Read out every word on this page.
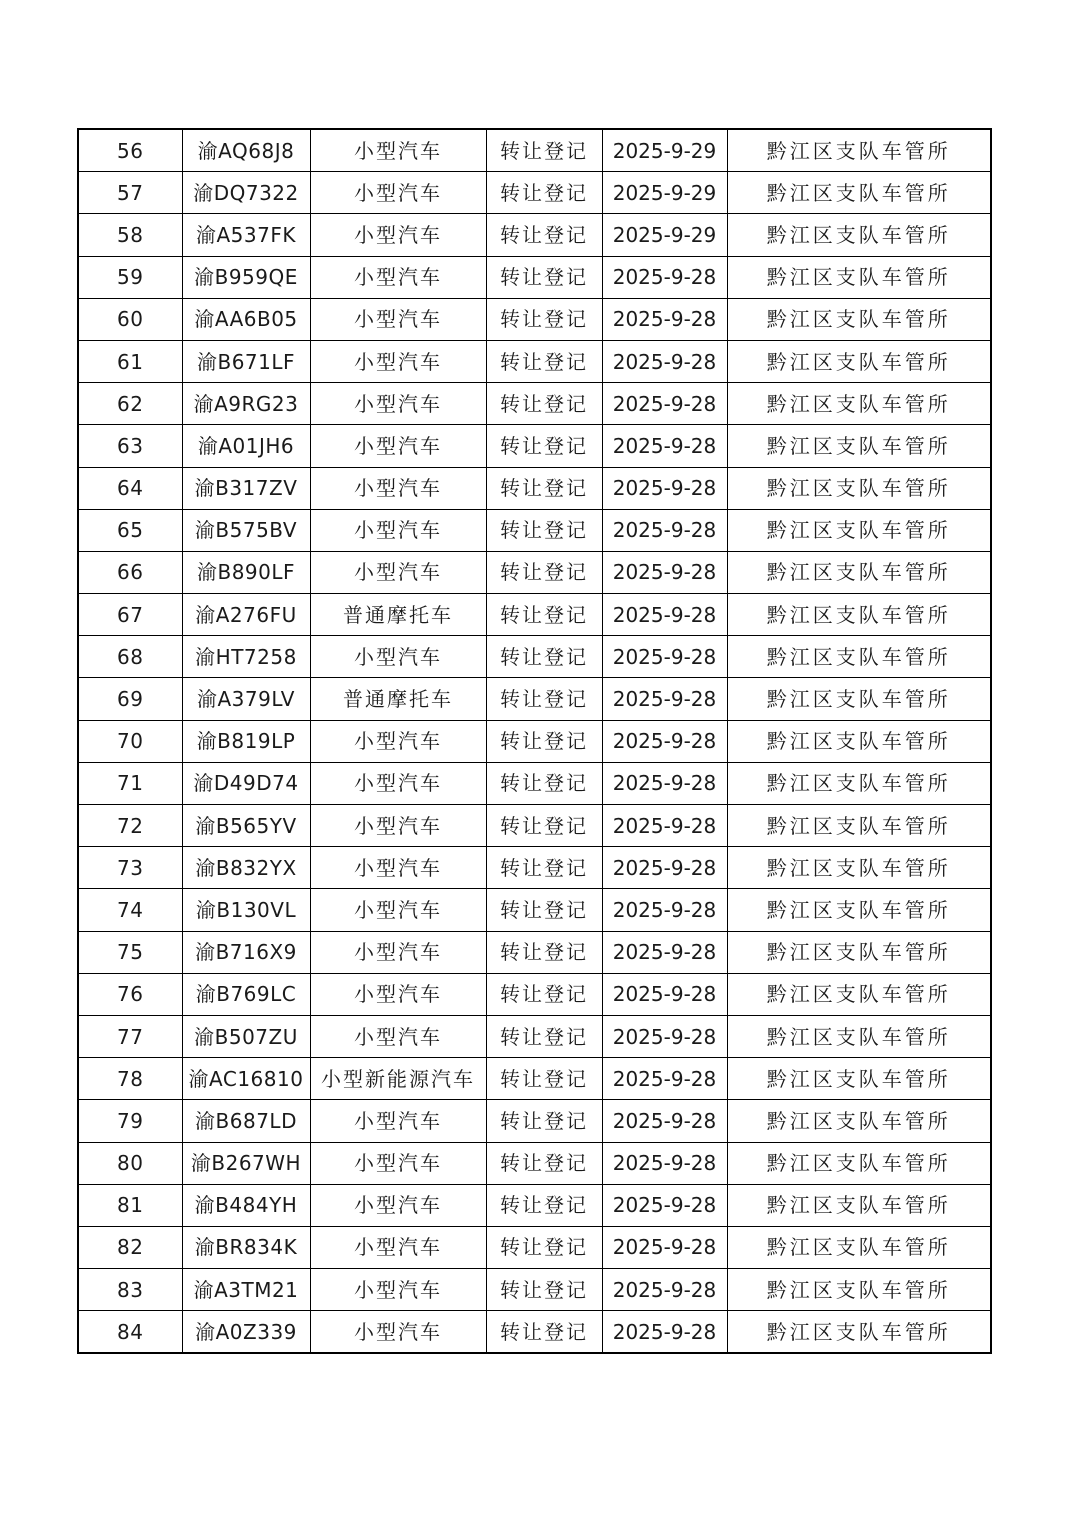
56	渝AQ68J8	小型汽车	转让登记	2025-9-29	黔江区支队车管所
57	渝DQ7322	小型汽车	转让登记	2025-9-29	黔江区支队车管所
58	渝A537FK	小型汽车	转让登记	2025-9-29	黔江区支队车管所
59	渝B959QE	小型汽车	转让登记	2025-9-28	黔江区支队车管所
60	渝AA6B05	小型汽车	转让登记	2025-9-28	黔江区支队车管所
61	渝B671LF	小型汽车	转让登记	2025-9-28	黔江区支队车管所
62	渝A9RG23	小型汽车	转让登记	2025-9-28	黔江区支队车管所
63	渝A01JH6	小型汽车	转让登记	2025-9-28	黔江区支队车管所
64	渝B317ZV	小型汽车	转让登记	2025-9-28	黔江区支队车管所
65	渝B575BV	小型汽车	转让登记	2025-9-28	黔江区支队车管所
66	渝B890LF	小型汽车	转让登记	2025-9-28	黔江区支队车管所
67	渝A276FU	普通摩托车	转让登记	2025-9-28	黔江区支队车管所
68	渝HT7258	小型汽车	转让登记	2025-9-28	黔江区支队车管所
69	渝A379LV	普通摩托车	转让登记	2025-9-28	黔江区支队车管所
70	渝B819LP	小型汽车	转让登记	2025-9-28	黔江区支队车管所
71	渝D49D74	小型汽车	转让登记	2025-9-28	黔江区支队车管所
72	渝B565YV	小型汽车	转让登记	2025-9-28	黔江区支队车管所
73	渝B832YX	小型汽车	转让登记	2025-9-28	黔江区支队车管所
74	渝B130VL	小型汽车	转让登记	2025-9-28	黔江区支队车管所
75	渝B716X9	小型汽车	转让登记	2025-9-28	黔江区支队车管所
76	渝B769LC	小型汽车	转让登记	2025-9-28	黔江区支队车管所
77	渝B507ZU	小型汽车	转让登记	2025-9-28	黔江区支队车管所
78	渝AC16810	小型新能源汽车	转让登记	2025-9-28	黔江区支队车管所
79	渝B687LD	小型汽车	转让登记	2025-9-28	黔江区支队车管所
80	渝B267WH	小型汽车	转让登记	2025-9-28	黔江区支队车管所
81	渝B484YH	小型汽车	转让登记	2025-9-28	黔江区支队车管所
82	渝BR834K	小型汽车	转让登记	2025-9-28	黔江区支队车管所
83	渝A3TM21	小型汽车	转让登记	2025-9-28	黔江区支队车管所
84	渝A0Z339	小型汽车	转让登记	2025-9-28	黔江区支队车管所
